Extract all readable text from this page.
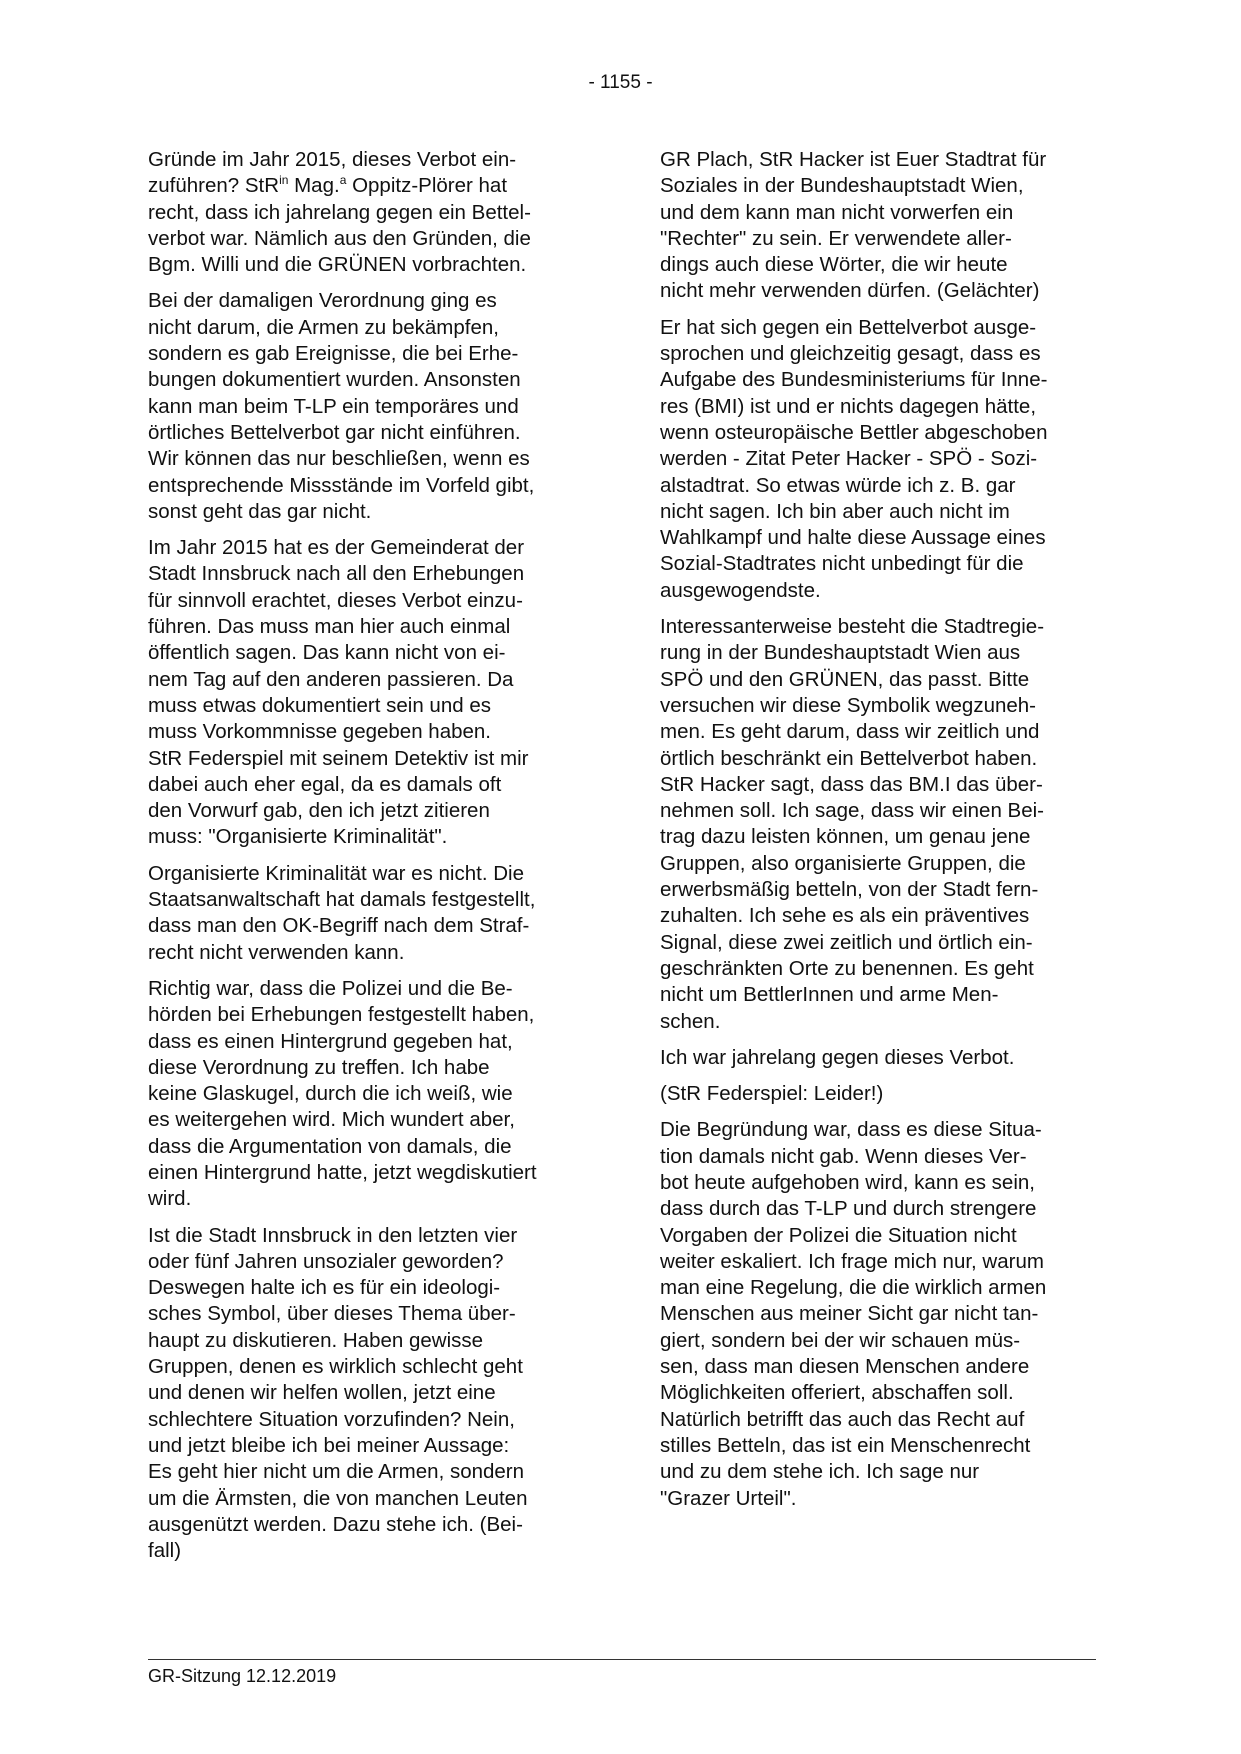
- 1155 -

Gründe im Jahr 2015, dieses Verbot ein-
zuführen? StR$^{in}$ Mag.$^a$ Oppitz-Plörer hat
recht, dass ich jahrelang gegen ein Bettel-
verbot war. Nämlich aus den Gründen, die
Bgm. Willi und die GRÜNEN vorbrachten.

Bei der damaligen Verordnung ging es
nicht darum, die Armen zu bekämpfen,
sondern es gab Ereignisse, die bei Erhe-
bungen dokumentiert wurden. Ansonsten
kann man beim T-LP ein temporäres und
örtliches Bettelverbot gar nicht einführen.
Wir können das nur beschließen, wenn es
entsprechende Missstände im Vorfeld gibt,
sonst geht das gar nicht.

Im Jahr 2015 hat es der Gemeinderat der
Stadt Innsbruck nach all den Erhebungen
für sinnvoll erachtet, dieses Verbot einzu-
führen. Das muss man hier auch einmal
öffentlich sagen. Das kann nicht von ei-
nem Tag auf den anderen passieren. Da
muss etwas dokumentiert sein und es
muss Vorkommnisse gegeben haben.
StR Federspiel mit seinem Detektiv ist mir
dabei auch eher egal, da es damals oft
den Vorwurf gab, den ich jetzt zitieren
muss: "Organisierte Kriminalität".

Organisierte Kriminalität war es nicht. Die
Staatsanwaltschaft hat damals festgestellt,
dass man den OK-Begriff nach dem Straf-
recht nicht verwenden kann.

Richtig war, dass die Polizei und die Be-
hörden bei Erhebungen festgestellt haben,
dass es einen Hintergrund gegeben hat,
diese Verordnung zu treffen. Ich habe
keine Glaskugel, durch die ich weiß, wie
es weitergehen wird. Mich wundert aber,
dass die Argumentation von damals, die
einen Hintergrund hatte, jetzt wegdiskutiert
wird.

Ist die Stadt Innsbruck in den letzten vier
oder fünf Jahren unsozialer geworden?
Deswegen halte ich es für ein ideologi-
sches Symbol, über dieses Thema über-
haupt zu diskutieren. Haben gewisse
Gruppen, denen es wirklich schlecht geht
und denen wir helfen wollen, jetzt eine
schlechtere Situation vorzufinden? Nein,
und jetzt bleibe ich bei meiner Aussage:
Es geht hier nicht um die Armen, sondern
um die Ärmsten, die von manchen Leuten
ausgenützt werden. Dazu stehe ich. (Bei-
fall)

GR Plach, StR Hacker ist Euer Stadtrat für
Soziales in der Bundeshauptstadt Wien,
und dem kann man nicht vorwerfen ein
"Rechter" zu sein. Er verwendete aller-
dings auch diese Wörter, die wir heute
nicht mehr verwenden dürfen. (Gelächter)

Er hat sich gegen ein Bettelverbot ausge-
sprochen und gleichzeitig gesagt, dass es
Aufgabe des Bundesministeriums für Inne-
res (BMI) ist und er nichts dagegen hätte,
wenn osteuropäische Bettler abgeschoben
werden - Zitat Peter Hacker - SPÖ - Sozi-
alstadtrat. So etwas würde ich z. B. gar
nicht sagen. Ich bin aber auch nicht im
Wahlkampf und halte diese Aussage eines
Sozial-Stadtrates nicht unbedingt für die
ausgewogendste.

Interessanterweise besteht die Stadtregie-
rung in der Bundeshauptstadt Wien aus
SPÖ und den GRÜNEN, das passt. Bitte
versuchen wir diese Symbolik wegzuneh-
men. Es geht darum, dass wir zeitlich und
örtlich beschränkt ein Bettelverbot haben.
StR Hacker sagt, dass das BM.I das über-
nehmen soll. Ich sage, dass wir einen Bei-
trag dazu leisten können, um genau jene
Gruppen, also organisierte Gruppen, die
erwerbsmäßig betteln, von der Stadt fern-
zuhalten. Ich sehe es als ein präventives
Signal, diese zwei zeitlich und örtlich ein-
geschränkten Orte zu benennen. Es geht
nicht um BettlerInnen und arme Men-
schen.

Ich war jahrelang gegen dieses Verbot.

(StR Federspiel: Leider!)

Die Begründung war, dass es diese Situa-
tion damals nicht gab. Wenn dieses Ver-
bot heute aufgehoben wird, kann es sein,
dass durch das T-LP und durch strengere
Vorgaben der Polizei die Situation nicht
weiter eskaliert. Ich frage mich nur, warum
man eine Regelung, die die wirklich armen
Menschen aus meiner Sicht gar nicht tan-
giert, sondern bei der wir schauen müs-
sen, dass man diesen Menschen andere
Möglichkeiten offeriert, abschaffen soll.
Natürlich betrifft das auch das Recht auf
stilles Betteln, das ist ein Menschenrecht
und zu dem stehe ich. Ich sage nur
"Grazer Urteil".

GR-Sitzung 12.12.2019
